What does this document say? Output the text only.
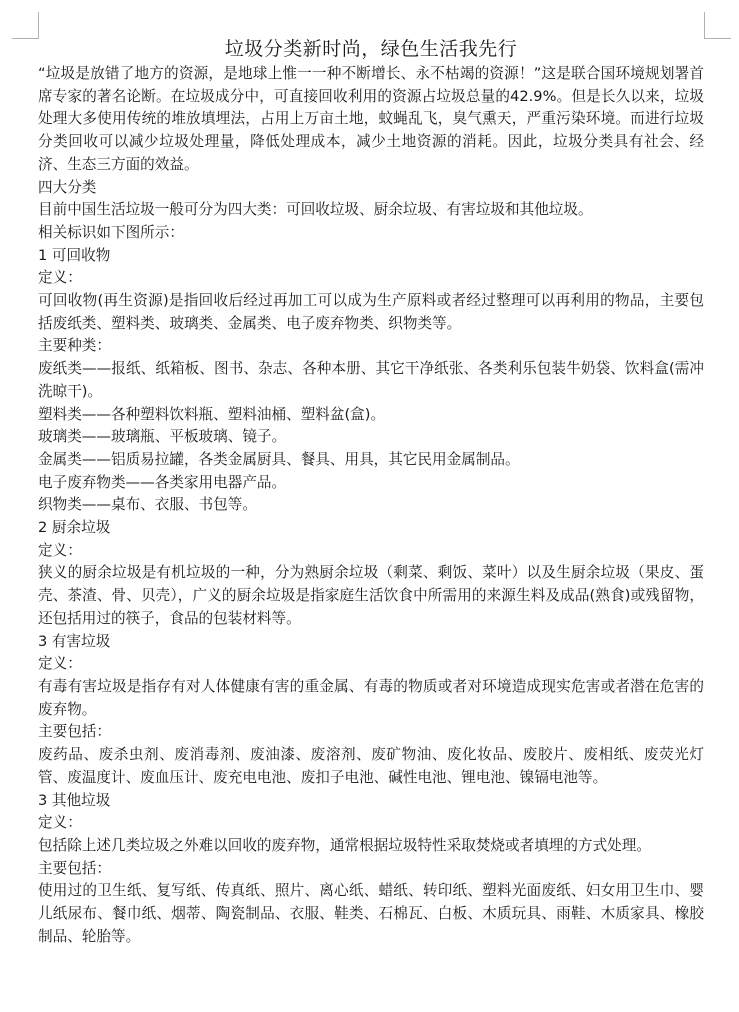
垃圾分类新时尚，绿色生活我先行

“垃圾是放错了地方的资源，是地球上惟一一种不断增长、永不枯竭的资源！”这是联合国环境规划署首席专家的著名论断。在垃圾成分中，可直接回收利用的资源占垃圾总量的42.9%。但是长久以来，垃圾处理大多使用传统的堆放填埋法，占用上万亩土地，蚊蝇乱飞，臭气熏天，严重污染环境。而进行垃圾分类回收可以减少垃圾处理量，降低处理成本，减少土地资源的消耗。因此，垃圾分类具有社会、经济、生态三方面的效益。

四大分类

目前中国生活垃圾一般可分为四大类：可回收垃圾、厨余垃圾、有害垃圾和其他垃圾。

相关标识如下图所示：

1 可回收物

定义：

可回收物(再生资源)是指回收后经过再加工可以成为生产原料或者经过整理可以再利用的物品，主要包括废纸类、塑料类、玻璃类、金属类、电子废弃物类、织物类等。

主要种类：

废纸类——报纸、纸箱板、图书、杂志、各种本册、其它干净纸张、各类利乐包装牛奶袋、饮料盒(需冲洗晾干)。

塑料类——各种塑料饮料瓶、塑料油桶、塑料盆(盒)。

玻璃类——玻璃瓶、平板玻璃、镜子。

金属类——铝质易拉罐，各类金属厨具、餐具、用具，其它民用金属制品。

电子废弃物类——各类家用电器产品。

织物类——桌布、衣服、书包等。

2 厨余垃圾

定义：

狭义的厨余垃圾是有机垃圾的一种，分为熟厨余垃圾（剩菜、剩饭、菜叶）以及生厨余垃圾（果皮、蛋壳、茶渣、骨、贝壳），广义的厨余垃圾是指家庭生活饮食中所需用的来源生料及成品(熟食)或残留物，还包括用过的筷子，食品的包装材料等。

3 有害垃圾

定义：

有毒有害垃圾是指存有对人体健康有害的重金属、有毒的物质或者对环境造成现实危害或者潜在危害的废弃物。

主要包括：

废药品、废杀虫剂、废消毒剂、废油漆、废溶剂、废矿物油、废化妆品、废胶片、废相纸、废荧光灯管、废温度计、废血压计、废充电电池、废扣子电池、碱性电池、锂电池、镍镉电池等。

3 其他垃圾

定义：

包括除上述几类垃圾之外难以回收的废弃物，通常根据垃圾特性采取焚烧或者填埋的方式处理。

主要包括：

使用过的卫生纸、复写纸、传真纸、照片、离心纸、蜡纸、转印纸、塑料光面废纸、妇女用卫生巾、婴儿纸尿布、餐巾纸、烟蒂、陶瓷制品、衣服、鞋类、石棉瓦、白板、木质玩具、雨鞋、木质家具、橡胶制品、轮胎等。
